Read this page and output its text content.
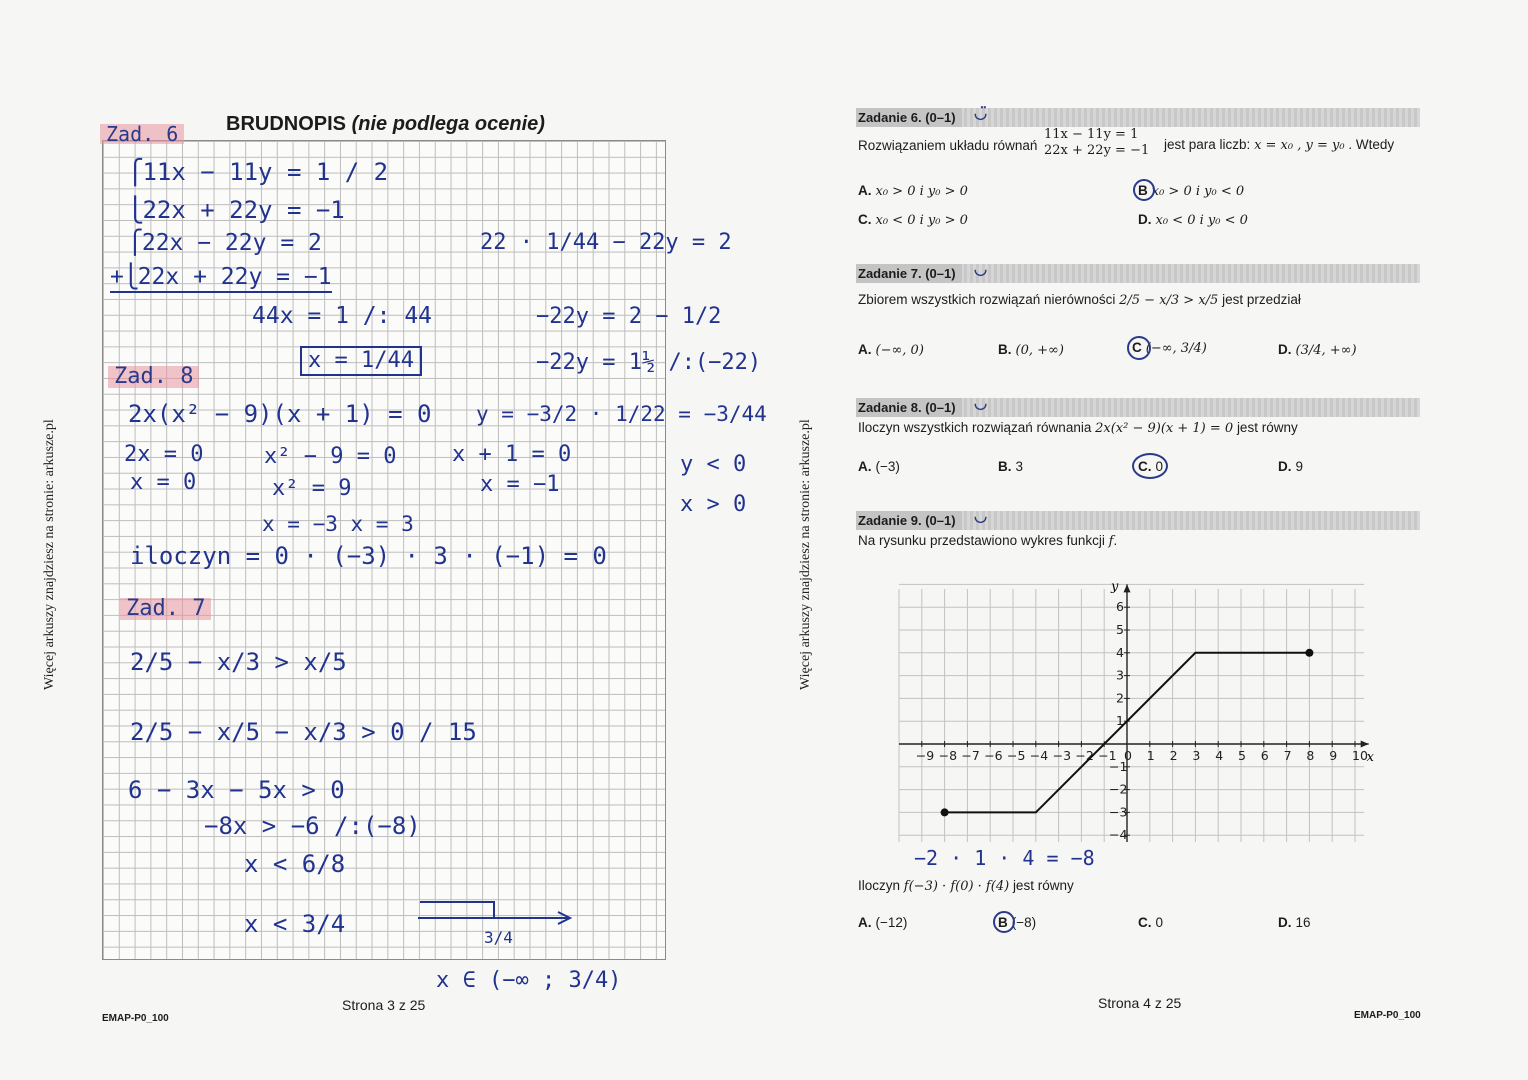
Więcej arkuszy znajdziesz na stronie: arkusze.pl
BRUDNOPIS (nie podlega ocenie)
Zad. 6
⎧11x − 11y = 1 / 2
⎩22x + 22y = −1
⎧22x − 22y = 2
+⎩22x + 22y = −1
44x = 1 /: 44
x = 1/44
22 · 1/44 − 22y = 2
−22y = 2 − 1/2
−22y = 1½ /:(−22)
y = −3/2 · 1/22 = −3/44
y < 0
x > 0
Zad. 8
2x(x² − 9)(x + 1) = 0
2x = 0
x = 0
x² − 9 = 0
x² = 9
x = −3 x = 3
x + 1 = 0
x = −1
iloczyn = 0 · (−3) · 3 · (−1) = 0
Zad. 7
2/5 − x/3 > x/5
2/5 − x/5 − x/3 > 0 / 15
6 − 3x − 5x > 0
−8x > −6 /:(−8)
x < 6/8
x < 3/4	3/4
x ∈ (−∞ ; 3/4)
Strona 3 z 25
EMAP-P0_100
Więcej arkuszy znajdziesz na stronie: arkusze.pl
Zadanie 6. (0–1)	◡̈
Rozwiązaniem układu równań
11x − 11y = 1
22x + 22y = −1 jest para liczb: x = x₀ , y = y₀ . Wtedy
A. x₀ > 0 i y₀ > 0	B x₀ > 0 i y₀ < 0
C. x₀ < 0 i y₀ > 0	D. x₀ < 0 i y₀ < 0
Zadanie 7. (0–1)	◡
Zbiorem wszystkich rozwiązań nierówności 2/5 − x/3 > x/5 jest przedział
A. (−∞, 0)	B. (0, +∞)	C (−∞, 3/4)	D. (3/4, +∞)
Zadanie 8. (0–1)	◡
Iloczyn wszystkich rozwiązań równania 2x(x² − 9)(x + 1) = 0 jest równy
A. (−3)	B. 3	C. 0	D. 9
Zadanie 9. (0–1)	◡
Na rysunku przedstawiono wykres funkcji f.
−9 −8 −7 −6 −5 −4 −3 −2 −1 0 1 2 3 4 5 6 7 8 9 10
−4
−3
−2
−1
1
2
3
4
5
6
x
y
−2 · 1 · 4 = −8
Iloczyn f(−3) · f(0) · f(4) jest równy
A. (−12)	B (−8)	C. 0	D. 16
Strona 4 z 25
EMAP-P0_100
